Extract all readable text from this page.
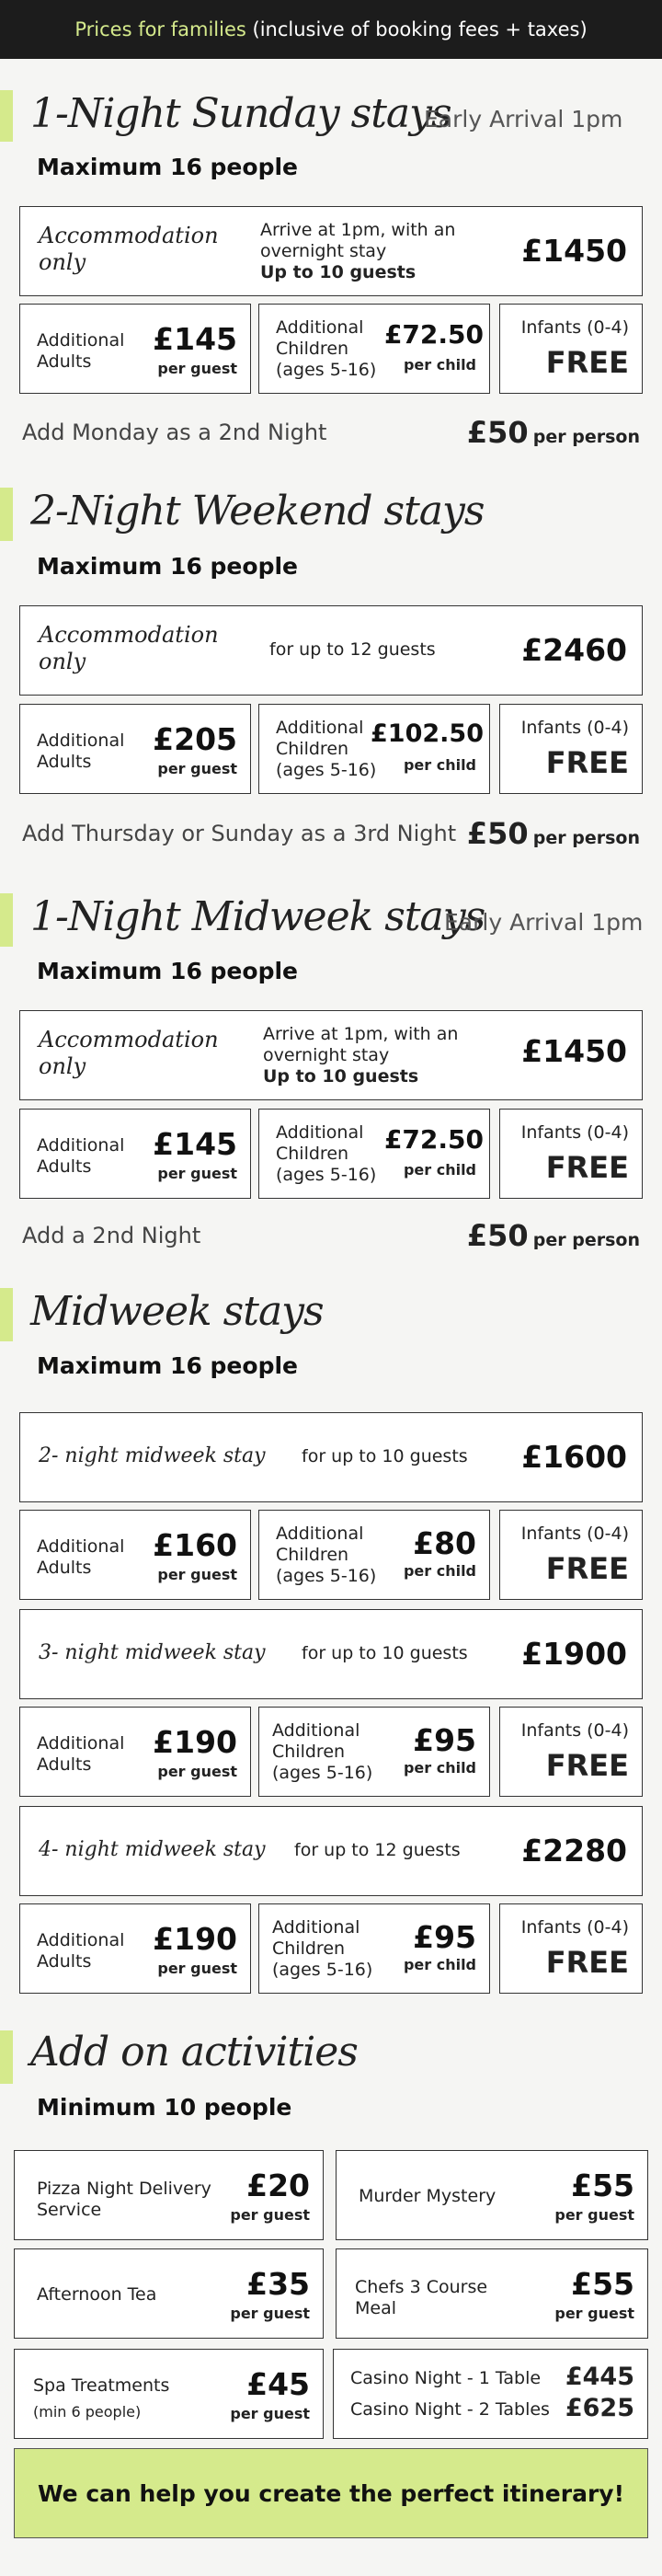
Prices for families (inclusive of booking fees + taxes)
1-Night Sunday stays
Early Arrival 1pm
Maximum 16 people
Accommodation only
Arrive at 1pm, with an
overnight stay
Up to 10 guests
£1450
Additional Adults
£145
per guest
Additional Children (ages 5-16)
£72.50
per child
Infants (0-4)
FREE
Add Monday as a 2nd Night	£50 per person
2-Night Weekend stays
Maximum 16 people
Accommodation only	for up to 12 guests	£2460
Additional Adults
£205
per guest
Additional Children (ages 5-16)
£102.50
per child
Infants (0-4)
FREE
Add Thursday or Sunday as a 3rd Night £50 per person
1-Night Midweek stays
Early Arrival 1pm
Maximum 16 people
Accommodation only
Arrive at 1pm, with an
overnight stay
Up to 10 guests
£1450
Additional Adults
£145
per guest
Additional Children (ages 5-16)
£72.50
per child
Infants (0-4)
FREE
Add a 2nd Night	£50 per person
Midweek stays
Maximum 16 people
2- night midweek stay for up to 10 guests £1600
Additional Adults
£160
per guest
Additional Children (ages 5-16)
£80
per child
Infants (0-4)
FREE
3- night midweek stay for up to 10 guests £1900
Additional Adults
£190
per guest
Additional Children (ages 5-16)
£95
per child
Infants (0-4)
FREE
4- night midweek stay for up to 12 guests £2280
Additional Adults
£190
per guest
Additional Children (ages 5-16)
£95
per child
Infants (0-4)
FREE
Add on activities
Minimum 10 people
Pizza Night Delivery Service
£20
per guest
Murder Mystery £55
per guest
Afternoon Tea	£35
per guest
Chefs 3 Course Meal
£55
per guest
Spa Treatments
(min 6 people)
£45
per guest
Casino Night - 1 Table £445
Casino Night - 2 Tables £625
We can help you create the perfect itinerary!
